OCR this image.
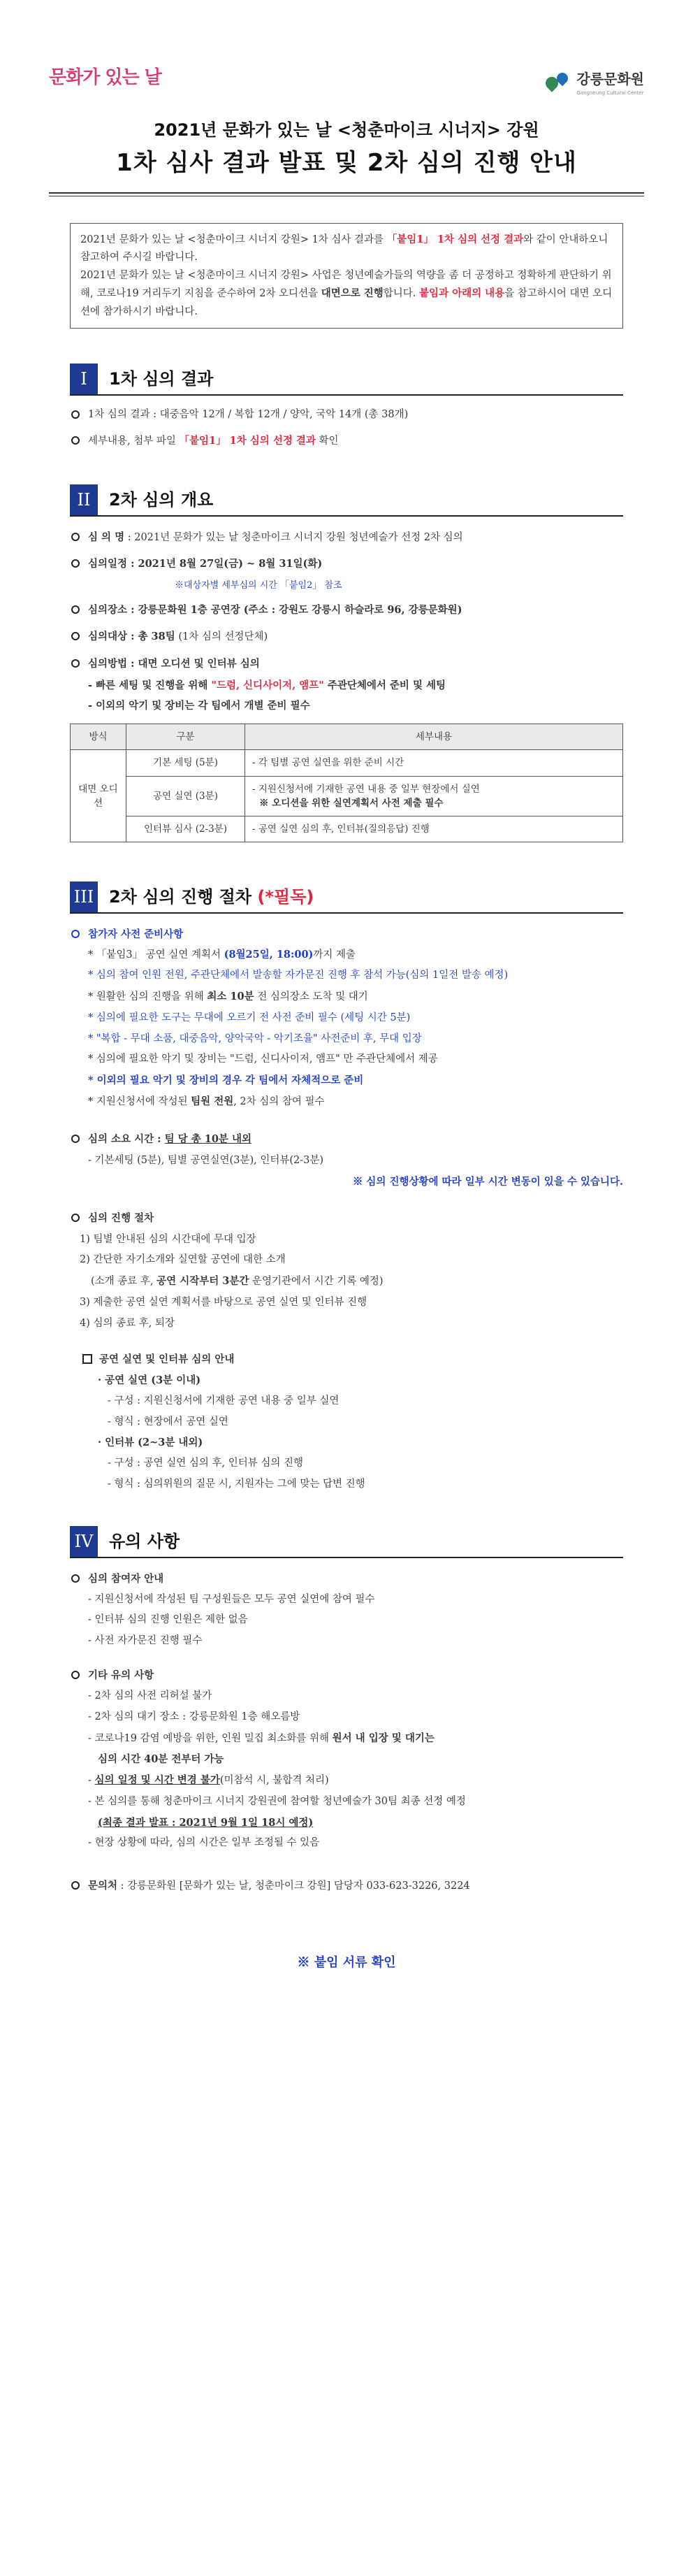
문화가 있는 날	강릉문화원
Gangneung Cultural Center
2021년 문화가 있는 날 <청춘마이크 시너지> 강원
1차 심사 결과 발표 및 2차 심의 진행 안내

2021년 문화가 있는 날 <청춘마이크 시너지 강원> 1차 심사 결과를 「붙임1」 1차 심의 선정 결과와 같이 안내하오니 참고하여 주시길 바랍니다.

2021년 문화가 있는 날 <청춘마이크 시너지 강원> 사업은 청년예술가들의 역량을 좀 더 공정하고 정확하게 판단하기 위해, 코로나19 거리두기 지침을 준수하여 2차 오디션을 대면으로 진행합니다. 붙임과 아래의 내용을 참고하시어 대면 오디션에 참가하시기 바랍니다.

I	1차 심의 결과
1차 심의 결과 : 대중음악 12개 / 복합 12개 / 양악, 국악 14개 (총 38개)
세부내용, 첨부 파일 「붙임1」 1차 심의 선정 결과 확인
II	2차 심의 개요
심 의 명 : 2021년 문화가 있는 날 청춘마이크 시너지 강원 청년예술가 선정 2차 심의
심의일정 : 2021년 8월 27일(금) ~ 8월 31일(화)
※대상자별 세부심의 시간 「붙임2」 참조
심의장소 : 강릉문화원 1층 공연장 (주소 : 강원도 강릉시 하슬라로 96, 강릉문화원)
심의대상 : 총 38팀 (1차 심의 선정단체)
심의방법 : 대면 오디션 및 인터뷰 심의
- 빠른 세팅 및 진행을 위해 "드럼, 신디사이저, 앰프" 주관단체에서 준비 및 세팅
- 이외의 악기 및 장비는 각 팀에서 개별 준비 필수
방식	구분	세부내용
대면 오디션	기본 세팅 (5분)	- 각 팀별 공연 실연을 위한 준비 시간
	공연 실연 (3분)	- 지원신청서에 기재한 공연 내용 중 일부 현장에서 실연
※ 오디션을 위한 실연계획서 사전 제출 필수

	인터뷰 심사 (2-3분)	- 공연 실연 심의 후, 인터뷰(질의응답) 진행
III 2차 심의 진행 절차 (*필독)
참가자 사전 준비사항
* 「붙임3」 공연 실연 계획서 (8월25일, 18:00)까지 제출
* 심의 참여 인원 전원, 주관단체에서 발송할 자가문진 진행 후 참석 가능(심의 1일전 발송 예정)
* 원활한 심의 진행을 위해 최소 10분 전 심의장소 도착 및 대기
* 심의에 필요한 도구는 무대에 오르기 전 사전 준비 필수 (세팅 시간 5분)
* "복합 - 무대 소품, 대중음악, 양악국악 - 악기조율" 사전준비 후, 무대 입장
* 심의에 필요한 악기 및 장비는 "드럼, 신디사이저, 앰프" 만 주관단체에서 제공
* 이외의 필요 악기 및 장비의 경우 각 팀에서 자체적으로 준비
* 지원신청서에 작성된 팀원 전원, 2차 심의 참여 필수
심의 소요 시간 : 팀 당 총 10분 내외
- 기본세팅 (5분), 팀별 공연실연(3분), 인터뷰(2-3분)
※ 심의 진행상황에 따라 일부 시간 변동이 있을 수 있습니다.
심의 진행 절차
1) 팀별 안내된 심의 시간대에 무대 입장
2) 간단한 자기소개와 실연할 공연에 대한 소개
(소개 종료 후, 공연 시작부터 3분간 운영기관에서 시간 기록 예정)
3) 제출한 공연 실연 계획서를 바탕으로 공연 실연 및 인터뷰 진행
4) 심의 종료 후, 퇴장
공연 실연 및 인터뷰 심의 안내
· 공연 실연 (3분 이내)
- 구성 : 지원신청서에 기재한 공연 내용 중 일부 실연
- 형식 : 현장에서 공연 실연
· 인터뷰 (2~3분 내외)
- 구성 : 공연 실연 심의 후, 인터뷰 심의 진행
- 형식 : 심의위원의 질문 시, 지원자는 그에 맞는 답변 진행
IV 유의 사항
심의 참여자 안내
- 지원신청서에 작성된 팀 구성원들은 모두 공연 실연에 참여 필수
- 인터뷰 심의 진행 인원은 제한 없음
- 사전 자가문진 진행 필수
기타 유의 사항
- 2차 심의 사전 리허설 불가
- 2차 심의 대기 장소 : 강릉문화원 1층 해오름방
- 코로나19 감염 예방을 위한, 인원 밀집 최소화를 위해 원서 내 입장 및 대기는
심의 시간 40분 전부터 가능
- 심의 일정 및 시간 변경 불가(미참석 시, 불합격 처리)
- 본 심의를 통해 청춘마이크 시너지 강원권에 참여할 청년예술가 30팀 최종 선정 예정
(최종 결과 발표 : 2021년 9월 1일 18시 예정)
- 현장 상황에 따라, 심의 시간은 일부 조정될 수 있음
문의처 : 강릉문화원 [문화가 있는 날, 청춘마이크 강원] 담당자 033-623-3226, 3224
※ 붙임 서류 확인
